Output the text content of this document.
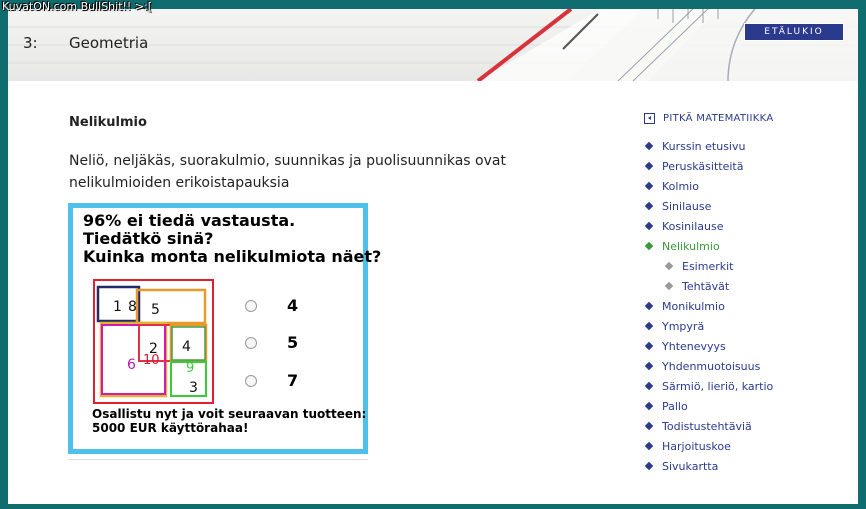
KuvatON.com BullShit!! >:[
3: Geometria
ETÄLUKIO
Nelikulmio
Neliö, neljäkäs, suorakulmio, suunnikas ja puolisuunnikas ovat nelikulmioiden erikoistapauksia
96% ei tiedä vastausta.
Tiedätkö sinä?
Kuinka monta nelikulmiota näet?
1 8 5
2
10
4
6	9
3
4
5
7
Osallistu nyt ja voit seuraavan tuotteen:
5000 EUR käyttörahaa!
PITKÄ MATEMATIIKKA
Kurssin etusivu
Peruskäsitteitä
Kolmio
Sinilause
Kosinilause
Nelikulmio
Esimerkit
Tehtävät
Monikulmio
Ympyrä
Yhtenevyys
Yhdenmuotoisuus
Särmiö, lieriö, kartio
Pallo
Todistustehtäviä
Harjoituskoe
Sivukartta
